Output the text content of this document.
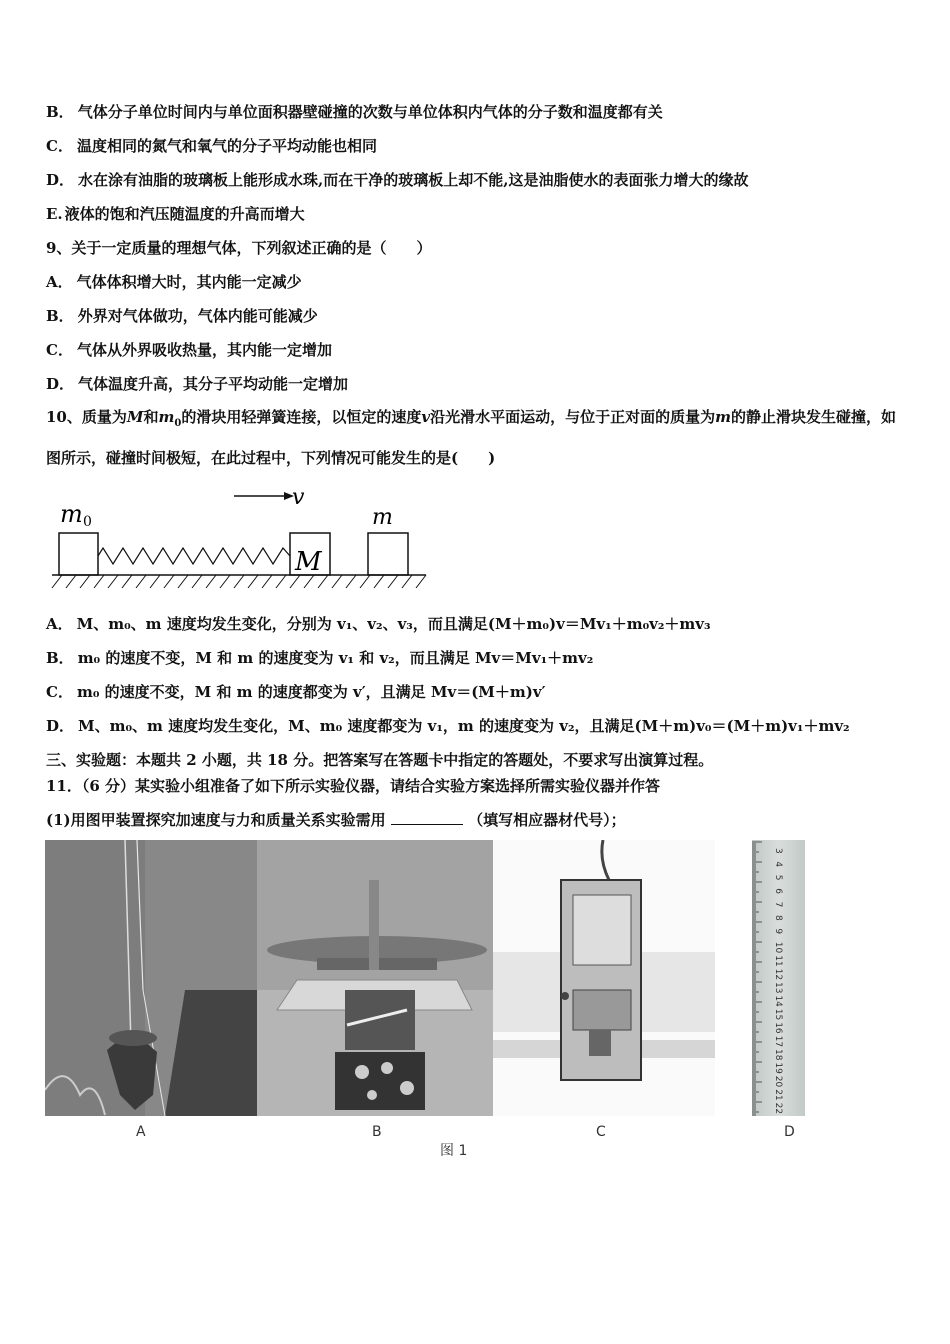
B． 气体分子单位时间内与单位面积器壁碰撞的次数与单位体积内气体的分子数和温度都有关
C． 温度相同的氮气和氧气的分子平均动能也相同
D． 水在涂有油脂的玻璃板上能形成水珠,而在干净的玻璃板上却不能,这是油脂使水的表面张力增大的缘故
E. 液体的饱和汽压随温度的升高而增大
9、关于一定质量的理想气体，下列叙述正确的是（　　）
A． 气体体积增大时，其内能一定减少
B． 外界对气体做功，气体内能可能减少
C． 气体从外界吸收热量，其内能一定增加
D． 气体温度升高，其分子平均动能一定增加
10、质量为M和$m_0$的滑块用轻弹簧连接，以恒定的速度v沿光滑水平面运动，与位于正对面的质量为m的静止滑块发生碰撞，如图所示，碰撞时间极短，在此过程中，下列情况可能发生的是(　　)
v
m 0	m
M
A． M、m₀、m 速度均发生变化，分别为 v₁、v₂、v₃，而且满足(M＋m₀)v＝Mv₁＋m₀v₂＋mv₃
B． m₀ 的速度不变，M 和 m 的速度变为 v₁ 和 v₂，而且满足 Mv＝Mv₁＋mv₂
C． m₀ 的速度不变，M 和 m 的速度都变为 v′，且满足 Mv＝(M＋m)v′
D． M、m₀、m 速度均发生变化，M、m₀ 速度都变为 v₁，m 的速度变为 v₂，且满足(M＋m)v₀＝(M＋m)v₁＋mv₂
三、实验题：本题共 2 小题，共 18 分。把答案写在答题卡中指定的答题处，不要求写出演算过程。
11．（6 分）某实验小组准备了如下所示实验仪器，请结合实验方案选择所需实验仪器并作答
(1)用图甲装置探究加速度与力和质量关系实验需用	（填写相应器材代号）；
3
4
5
6
7
8
9
10
11
12
13
14
15
16
17
18
19
20
21
22
A	B	C	D
图 1
